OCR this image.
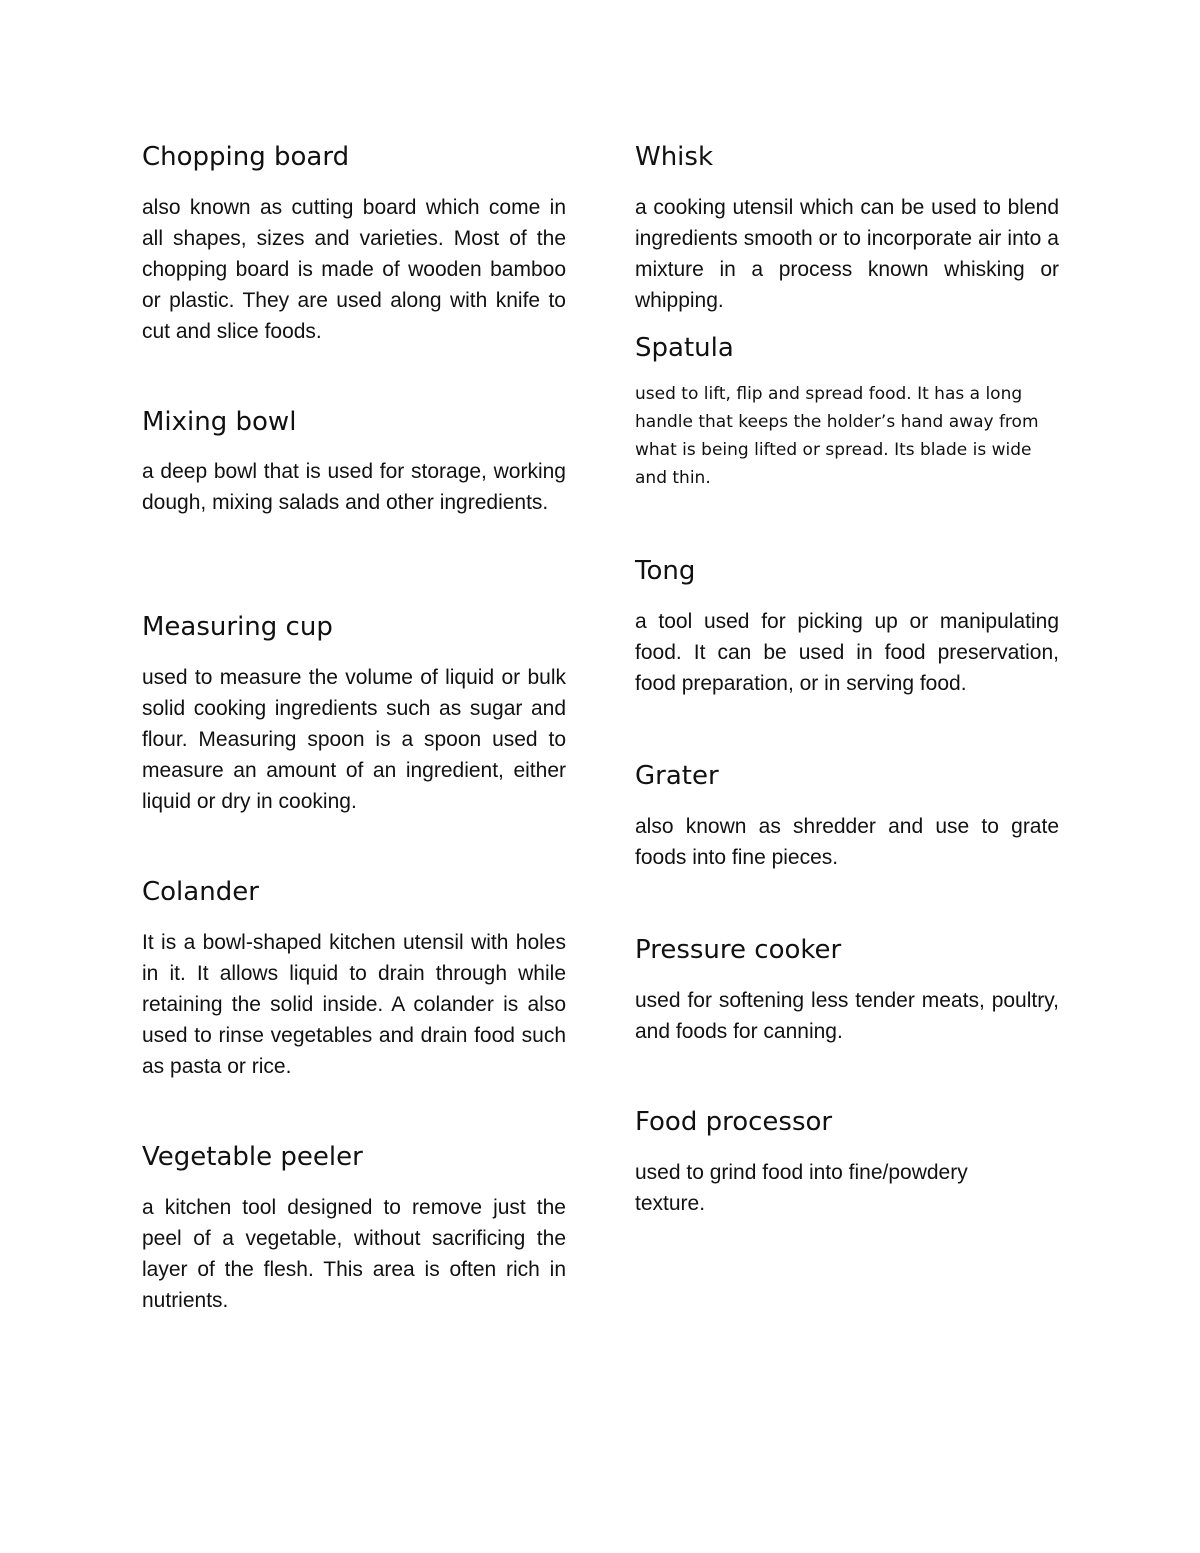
Chopping board

also known as cutting board which come in all shapes, sizes and varieties. Most of the chopping board is made of wooden bamboo or plastic. They are used along with knife to cut and slice foods.

Mixing bowl

a deep bowl that is used for storage, working dough, mixing salads and other ingredients.

Measuring cup

used to measure the volume of liquid or bulk solid cooking ingredients such as sugar and flour. Measuring spoon is a spoon used to measure an amount of an ingredient, either liquid or dry in cooking.

Colander

It is a bowl-shaped kitchen utensil with holes in it. It allows liquid to drain through while retaining the solid inside. A colander is also used to rinse vegetables and drain food such as pasta or rice.

Vegetable peeler

a kitchen tool designed to remove just the peel of a vegetable, without sacrificing the layer of the flesh. This area is often rich in nutrients.

Whisk

a cooking utensil which can be used to blend ingredients smooth or to incorporate air into a mixture in a process known whisking or whipping.

Spatula

used to lift, flip and spread food. It has a long handle that keeps the holder’s hand away from what is being lifted or spread. Its blade is wide and thin.

Tong

a tool used for picking up or manipulating food. It can be used in food preservation, food preparation, or in serving food.

Grater

also known as shredder and use to grate foods into fine pieces.

Pressure cooker

used for softening less tender meats, poultry, and foods for canning.

Food processor

used to grind food into fine/powdery texture.
